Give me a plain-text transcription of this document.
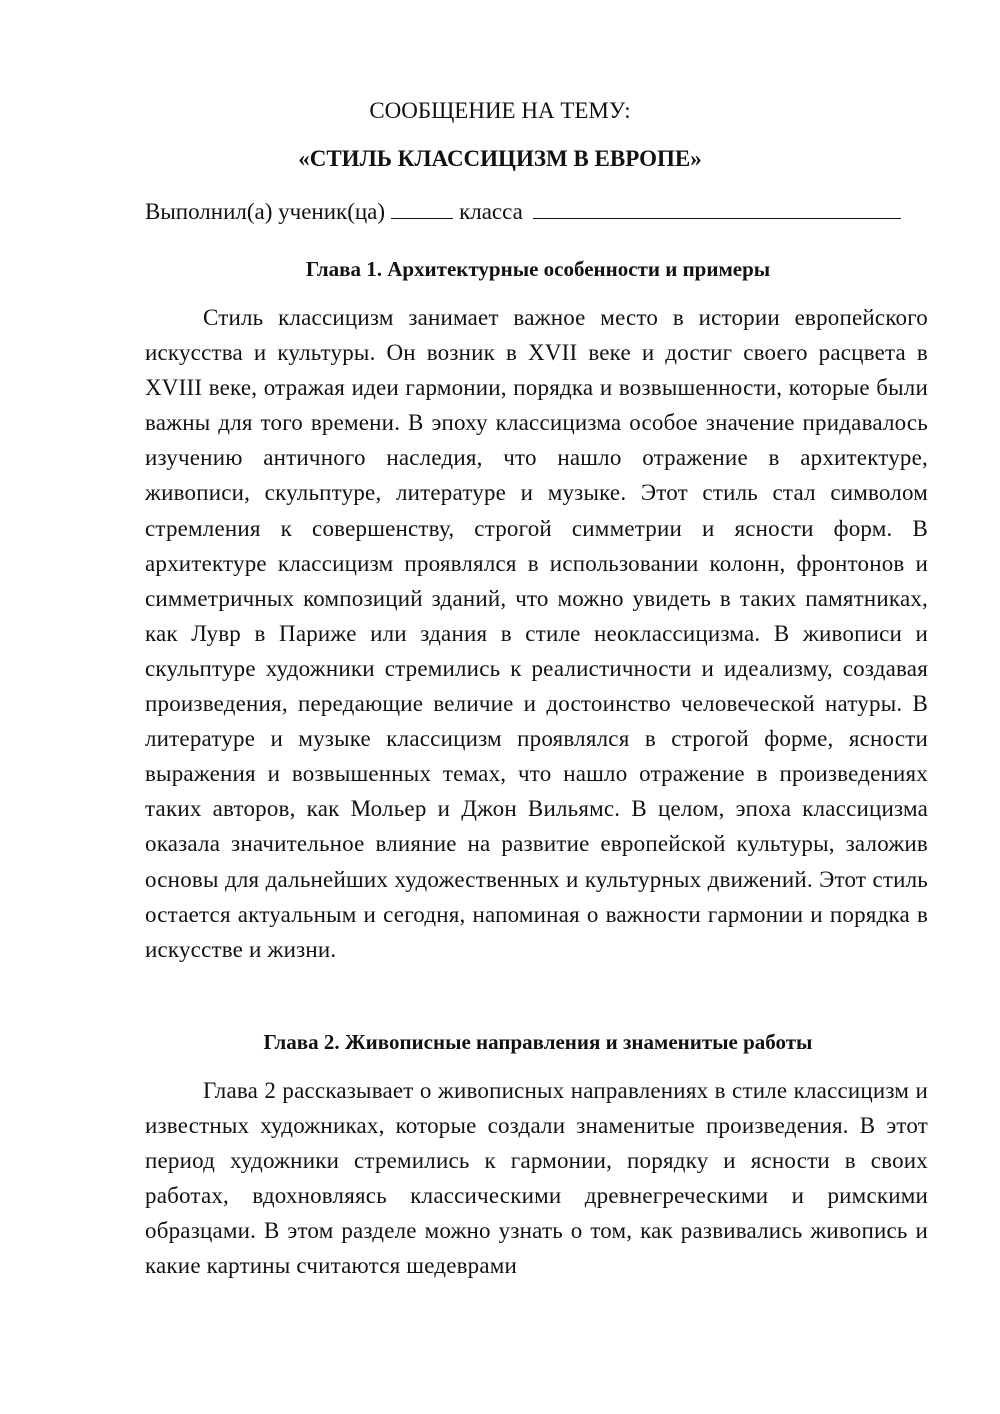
СООБЩЕНИЕ НА ТЕМУ:
«СТИЛЬ КЛАССИЦИЗМ В ЕВРОПЕ»
Выполнил(а) ученик(ца)	класса
Глава 1. Архитектурные особенности и примеры

Стиль классицизм занимает важное место в истории европейского искусства и культуры. Он возник в XVII веке и достиг своего расцвета в XVIII веке, отражая идеи гармонии, порядка и возвышенности, которые были важны для того времени. В эпоху классицизма особое значение придавалось изучению античного наследия, что нашло отражение в архитектуре, живописи, скульптуре, литературе и музыке. Этот стиль стал символом стремления к совершенству, строгой симметрии и ясности форм. В архитектуре классицизм проявлялся в использовании колонн, фронтонов и симметричных композиций зданий, что можно увидеть в таких памятниках, как Лувр в Париже или здания в стиле неоклассицизма. В живописи и скульптуре художники стремились к реалистичности и идеализму, создавая произведения, передающие величие и достоинство человеческой натуры. В литературе и музыке классицизм проявлялся в строгой форме, ясности выражения и возвышенных темах, что нашло отражение в произведениях таких авторов, как Мольер и Джон Вильямс. В целом, эпоха классицизма оказала значительное влияние на развитие европейской культуры, заложив основы для дальнейших художественных и культурных движений. Этот стиль остается актуальным и сегодня, напоминая о важности гармонии и порядка в искусстве и жизни.

Глава 2. Живописные направления и знаменитые работы

Глава 2 рассказывает о живописных направлениях в стиле классицизм и известных художниках, которые создали знаменитые произведения. В этот период художники стремились к гармонии, порядку и ясности в своих работах, вдохновляясь классическими древнегреческими и римскими образцами. В этом разделе можно узнать о том, как развивались живопись и какие картины считаются шедеврами
